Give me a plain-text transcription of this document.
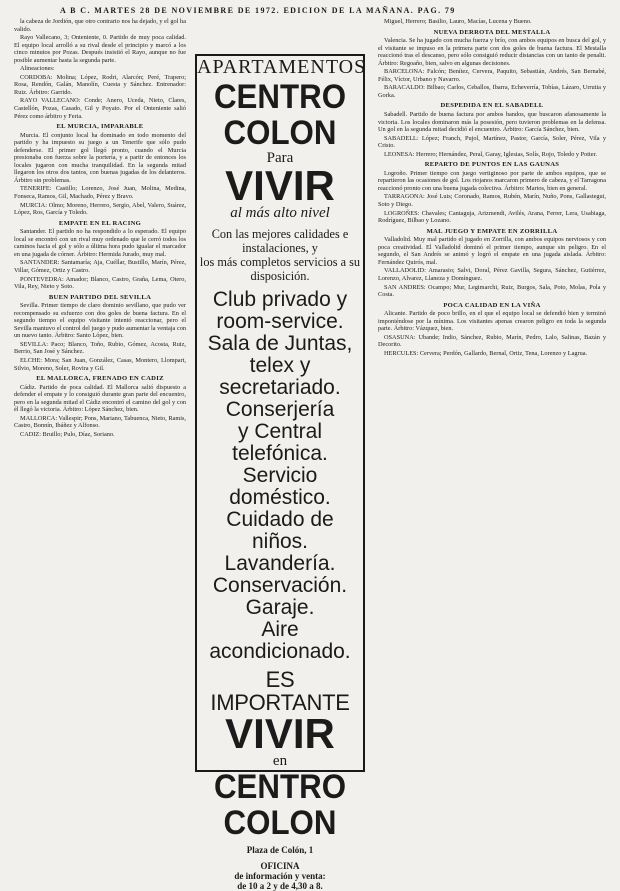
A B C. MARTES 28 DE NOVIEMBRE DE 1972. EDICION DE LA MAÑANA. PAG. 79

la cabeza de Jordión, que otro contrario nos ha dejado, y el gol ha valido.

Rayo Vallecano, 3; Onteniente, 0. Partido de muy poca calidad. El equipo local arrolló a su rival desde el principio y marcó a los cinco minutos por Pozas. Después insistió el Rayo, aunque no fue posible aumentar hasta la segunda parte.

Alineaciones:

CORDOBA: Molina; López, Rodri, Alarcón; Peré, Trapero; Rosa, Rendón, Galán, Manolín, Cuesta y Sánchez. Entrenador: Ruiz. Árbitro: Garrido.

RAYO VALLECANO: Conde; Anero, Uceda, Nieto, Clares, Castellón, Pozas, Casado, Gil y Poyato. Por el Onteniente salió Pérez como árbitro y Feria.

EL MURCIA, IMPARABLE

Murcia. El conjunto local ha dominado en todo momento del partido y ha impuesto su juego a un Tenerife que sólo pudo defenderse. El primer gol llegó pronto, cuando el Murcia presionaba con fuerza sobre la portería, y a partir de entonces los locales jugaron con mucha tranquilidad. En la segunda mitad llegaron los otros dos tantos, con buenas jugadas de los delanteros. Árbitro sin problemas.

TENERIFE: Castillo; Lorenzo, José Juan, Molina, Medina, Fonseca, Ramos, Gil, Machado, Pérez y Bravo.

MURCIA: Olmo; Moreno, Herrero, Sergio, Abel, Valero, Suárez, López, Ros, García y Toledo.

EMPATE EN EL RACING

Santander. El partido no ha respondido a lo esperado. El equipo local se encontró con un rival muy ordenado que le cerró todos los caminos hacia el gol y sólo a última hora pudo igualar el marcador en una jugada de córner. Árbitro: Hermida Jurado, muy mal.

SANTANDER: Santamaría; Aja, Cuéllar, Bustillo, Marín, Pérez, Villar, Gómez, Ortiz y Castro.

PONTEVEDRA: Amador; Blanco, Castro, Graña, Lema, Otero, Vila, Rey, Nieto y Soto.

BUEN PARTIDO DEL SEVILLA

Sevilla. Primer tiempo de claro dominio sevillano, que pudo ver recompensado su esfuerzo con dos goles de buena factura. En el segundo tiempo el equipo visitante intentó reaccionar, pero el Sevilla mantuvo el control del juego y pudo aumentar la ventaja con un nuevo tanto. Árbitro: Santo López, bien.

SEVILLA: Paco; Blanco, Toño, Rubio, Gómez, Acosta, Ruiz, Berrio, San José y Sánchez.

ELCHE: Mora; San Juan, González, Casas, Montero, Llompart, Silvio, Moreno, Soler, Rovira y Gil.

EL MALLORCA, FRENADO EN CADIZ

Cádiz. Partido de poca calidad. El Mallorca salió dispuesto a defender el empate y lo consiguió durante gran parte del encuentro, pero en la segunda mitad el Cádiz encontró el camino del gol y con él llegó la victoria. Árbitro: López Sánchez, bien.

MALLORCA: Vallespir; Pons, Mariano, Tabuenca, Nieto, Ramis, Castro, Bonnín, Ibáñez y Alfonso.

CADIZ: Bruillo; Pulo, Díaz, Soriano.

Miguel, Herrero; Basilio, Lauro, Macías, Lucena y Bueno.

NUEVA DERROTA DEL MESTALLA

Valencia. Se ha jugado con mucha fuerza y brío, con ambos equipos en busca del gol, y el visitante se impuso en la primera parte con dos goles de buena factura. El Mestalla reaccionó tras el descanso, pero sólo consiguió reducir distancias con un tanto de penalti. Árbitro: Regoaño, bien, salvo en algunas decisiones.

BARCELONA: Falcón; Benítez, Cervera, Paquito, Sebastián, Andrés, San Bernabé, Félix, Víctor, Urbano y Navarro.

BARACALDO: Bilbao; Carlos, Ceballos, Ibarra, Echeverría, Tobías, Lázaro, Urrutia y Gorka.

DESPEDIDA EN EL SABADELL

Sabadell. Partido de buena factura por ambos bandos, que buscaron afanosamente la victoria. Los locales dominaron más la posesión, pero tuvieron problemas en la defensa. Un gol en la segunda mitad decidió el encuentro. Árbitro: García Sánchez, bien.

SABADELL: López; Franch, Pujol, Martínez, Pastor, García, Soler, Pérez, Vila y Cristo.

LEONESA: Herrero; Hernández, Peral, Garay, Iglesias, Solís, Rojo, Toledo y Potter.

REPARTO DE PUNTOS EN LAS GAUNAS

Logroño. Primer tiempo con juego vertiginoso por parte de ambos equipos, que se repartieron las ocasiones de gol. Los riojanos marcaron primero de cabeza, y el Tarragona reaccionó pronto con una buena jugada colectiva. Árbitro: Martos, bien en general.

TARRAGONA: José Luis; Coronado, Ramos, Rubén, Marín, Nuño, Pons, Gallastegui, Soto y Diego.

LOGROÑES: Chavales; Cantaguja, Arizmendi, Avilés, Arana, Ferrer, Lera, Usabiaga, Rodríguez, Bilbao y Lozano.

MAL JUEGO Y EMPATE EN ZORRILLA

Valladolid. Muy mal partido el jugado en Zorrilla, con ambos equipos nerviosos y con poca creatividad. El Valladolid dominó el primer tiempo, aunque sin peligro. En el segundo, el San Andrés se animó y logró el empate en una jugada aislada. Árbitro: Fernández Quirós, mal.

VALLADOLID: Amarasio; Salvi, Doral, Pérez Gavilla, Segura, Sánchez, Gutiérrez, Lorenzo, Alvarez, Llaneza y Domínguez.

SAN ANDRES: Ocampo; Mur, Legimarchi, Ruiz, Burgos, Sala, Poto, Molas, Pola y Costa.

POCA CALIDAD EN LA VIÑA

Alicante. Partido de poco brillo, en el que el equipo local se defendió bien y terminó imponiéndose por la mínima. Los visitantes apenas crearon peligro en toda la segunda parte. Árbitro: Vázquez, bien.

OSASUNA: Ubande; Indio, Sánchez, Rubio, Marín, Pedro, Lalo, Salinas, Bazán y Decorito.

HERCULES: Cervera; Perdón, Gallardo, Bernal, Ortiz, Tena, Lorenzo y Lagrua.

APARTAMENTOS
CENTRO
COLON
Para
VIVIR
al más alto nivel
Con las mejores calidades e instalaciones, y
los más completos servicios a su disposición.
Club privado y
room-service.
Sala de Juntas,
telex y
secretariado.
Conserjería
y Central
telefónica.
Servicio
doméstico.
Cuidado de niños.
Lavandería.
Conservación.
Garaje.
Aire
acondicionado.
ES IMPORTANTE
VIVIR
en
CENTRO
COLON
Plaza de Colón, 1
OFICINA
de información y venta:
de 10 a 2 y de 4,30 a 8.
